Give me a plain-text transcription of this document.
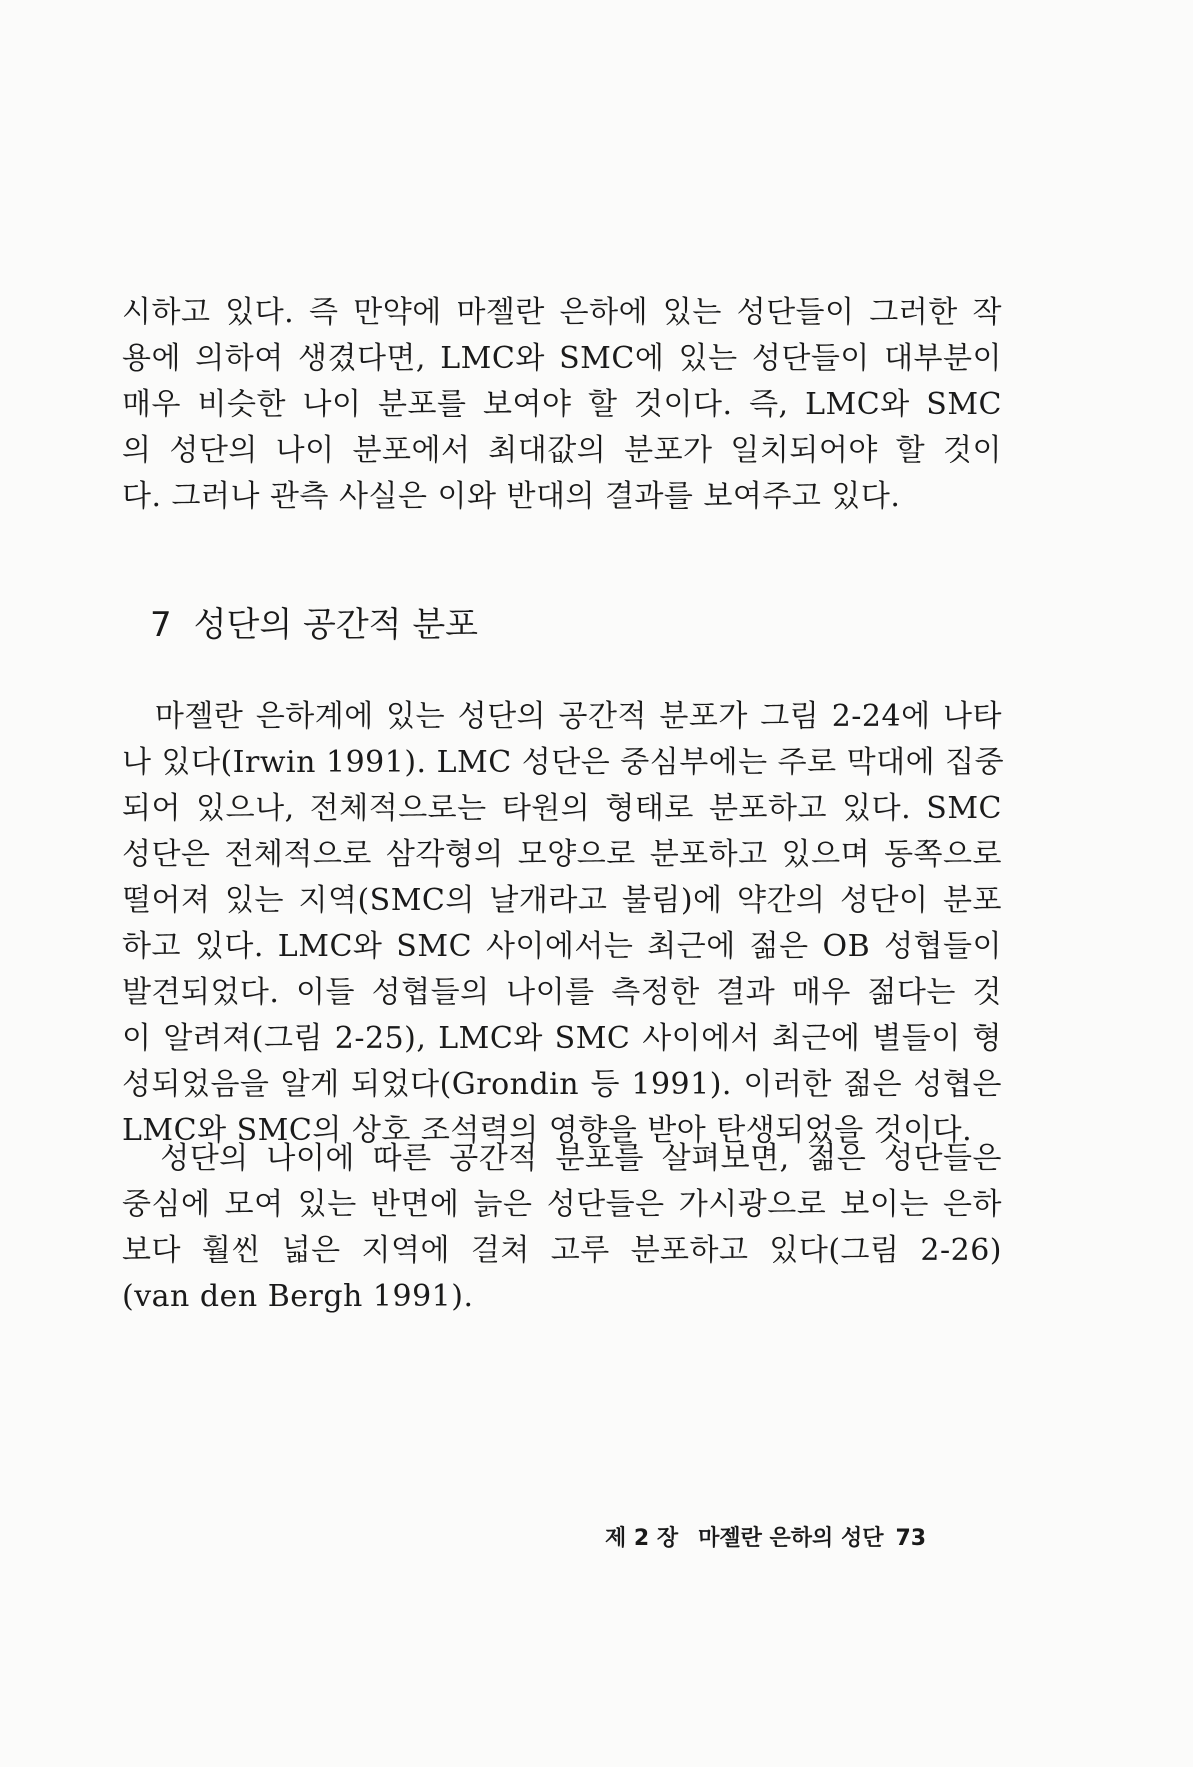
시하고 있다. 즉 만약에 마젤란 은하에 있는 성단들이 그러한 작
용에 의하여 생겼다면, LMC와 SMC에 있는 성단들이 대부분이
매우 비슷한 나이 분포를 보여야 할 것이다. 즉, LMC와 SMC
의 성단의 나이 분포에서 최대값의 분포가 일치되어야 할 것이
다. 그러나 관측 사실은 이와 반대의 결과를 보여주고 있다.
7 성단의 공간적 분포
　마젤란 은하계에 있는 성단의 공간적 분포가 그림 2-24에 나타
나 있다(Irwin 1991). LMC 성단은 중심부에는 주로 막대에 집중
되어 있으나, 전체적으로는 타원의 형태로 분포하고 있다. SMC
성단은 전체적으로 삼각형의 모양으로 분포하고 있으며 동쪽으로
떨어져 있는 지역(SMC의 날개라고 불림)에 약간의 성단이 분포
하고 있다. LMC와 SMC 사이에서는 최근에 젊은 OB 성협들이
발견되었다. 이들 성협들의 나이를 측정한 결과 매우 젊다는 것
이 알려져(그림 2-25), LMC와 SMC 사이에서 최근에 별들이 형
성되었음을 알게 되었다(Grondin 등 1991). 이러한 젊은 성협은
LMC와 SMC의 상호 조석력의 영향을 받아 탄생되었을 것이다.
　성단의 나이에 따른 공간적 분포를 살펴보면, 젊은 성단들은
중심에 모여 있는 반면에 늙은 성단들은 가시광으로 보이는 은하
보다 훨씬 넓은 지역에 걸쳐 고루 분포하고 있다(그림 2-26)
(van den Bergh 1991).
제 2 장 마젤란 은하의 성단 73
